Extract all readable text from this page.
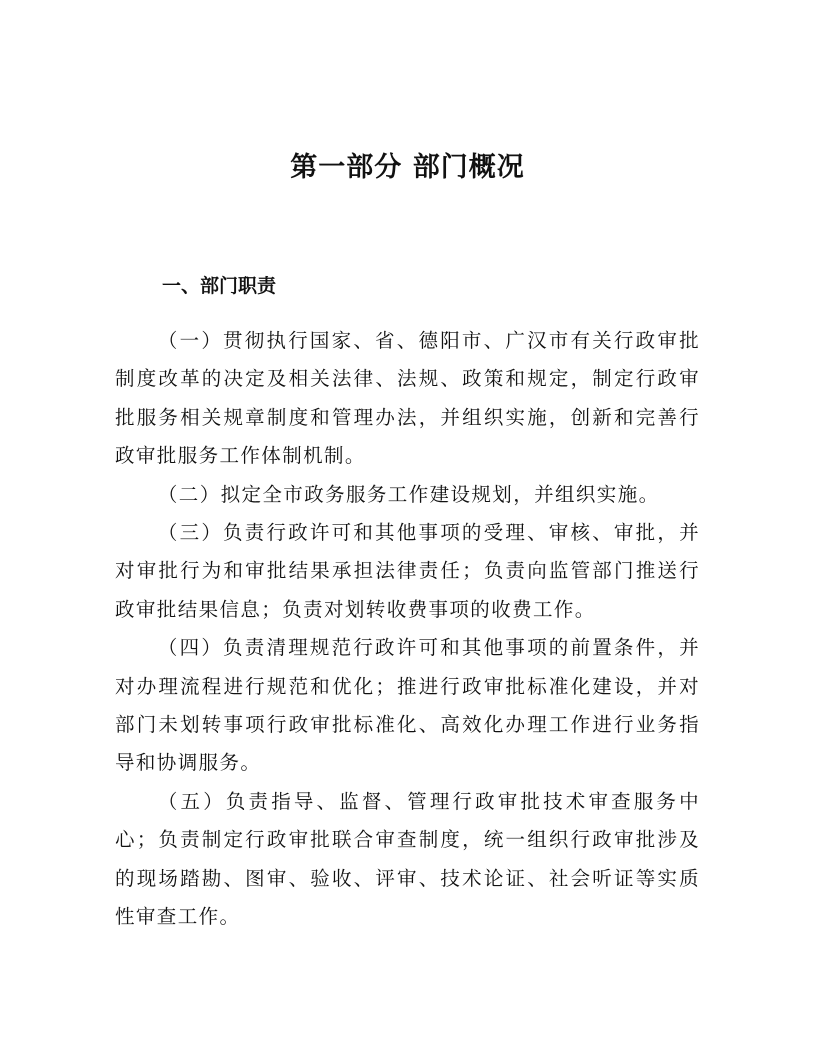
第一部分 部门概况
一、部门职责

（一）贯彻执行国家、省、德阳市、广汉市有关行政审批制度改革的决定及相关法律、法规、政策和规定，制定行政审批服务相关规章制度和管理办法，并组织实施，创新和完善行政审批服务工作体制机制。

（二）拟定全市政务服务工作建设规划，并组织实施。

（三）负责行政许可和其他事项的受理、审核、审批，并对审批行为和审批结果承担法律责任；负责向监管部门推送行政审批结果信息；负责对划转收费事项的收费工作。

（四）负责清理规范行政许可和其他事项的前置条件，并对办理流程进行规范和优化；推进行政审批标准化建设，并对部门未划转事项行政审批标准化、高效化办理工作进行业务指导和协调服务。

（五）负责指导、监督、管理行政审批技术审查服务中心；负责制定行政审批联合审查制度，统一组织行政审批涉及的现场踏勘、图审、验收、评审、技术论证、社会听证等实质性审查工作。
